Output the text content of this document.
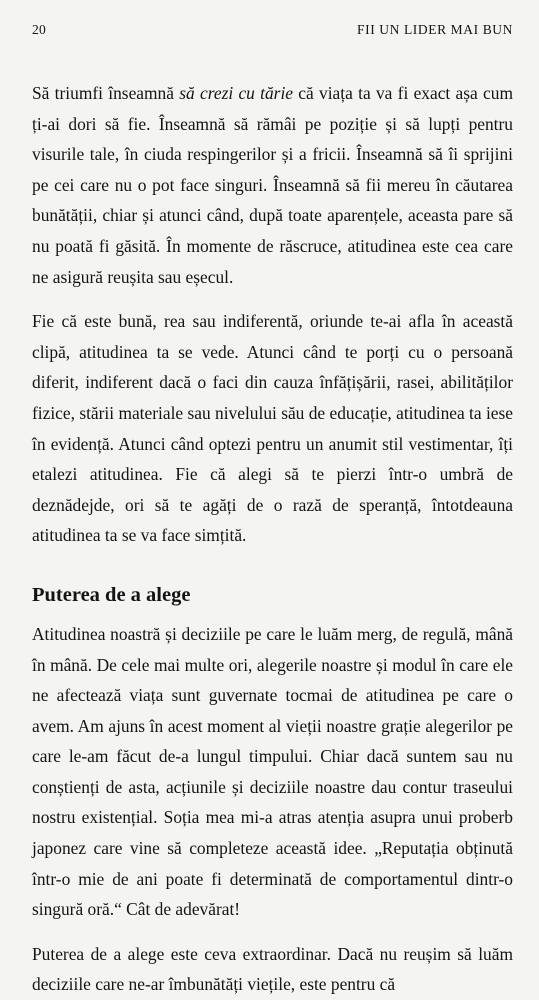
20	FII UN LIDER MAI BUN

Să triumfi înseamnă să crezi cu tărie că viața ta va fi exact așa cum ți-ai dori să fie. Înseamnă să rămâi pe poziție și să lupți pentru visurile tale, în ciuda respingerilor și a fricii. Înseamnă să îi sprijini pe cei care nu o pot face singuri. Înseamnă să fii mereu în căutarea bunătății, chiar și atunci când, după toate aparențele, aceasta pare să nu poată fi găsită. În momente de răscruce, atitudinea este cea care ne asigură reușita sau eșecul.

Fie că este bună, rea sau indiferentă, oriunde te-ai afla în această clipă, atitudinea ta se vede. Atunci când te porți cu o persoană diferit, indiferent dacă o faci din cauza înfățișării, rasei, abilităților fizice, stării materiale sau nivelului său de educație, atitudinea ta iese în evidență. Atunci când optezi pentru un anumit stil vestimentar, îți etalezi atitudinea. Fie că alegi să te pierzi într-o umbră de deznădejde, ori să te agăți de o rază de speranță, întotdeauna atitudinea ta se va face simțită.

Puterea de a alege

Atitudinea noastră și deciziile pe care le luăm merg, de regulă, mână în mână. De cele mai multe ori, alegerile noastre și modul în care ele ne afectează viața sunt guvernate tocmai de atitudinea pe care o avem. Am ajuns în acest moment al vieții noastre grație alegerilor pe care le-am făcut de-a lungul timpului. Chiar dacă suntem sau nu conștienți de asta, acțiunile și deciziile noastre dau contur traseului nostru existențial. Soția mea mi-a atras atenția asupra unui proberb japonez care vine să completeze această idee. „Reputația obținută într-o mie de ani poate fi determinată de comportamentul dintr-o singură oră.“ Cât de adevărat!

Puterea de a alege este ceva extraordinar. Dacă nu reușim să luăm deciziile care ne-ar îmbunătăți viețile, este pentru că
